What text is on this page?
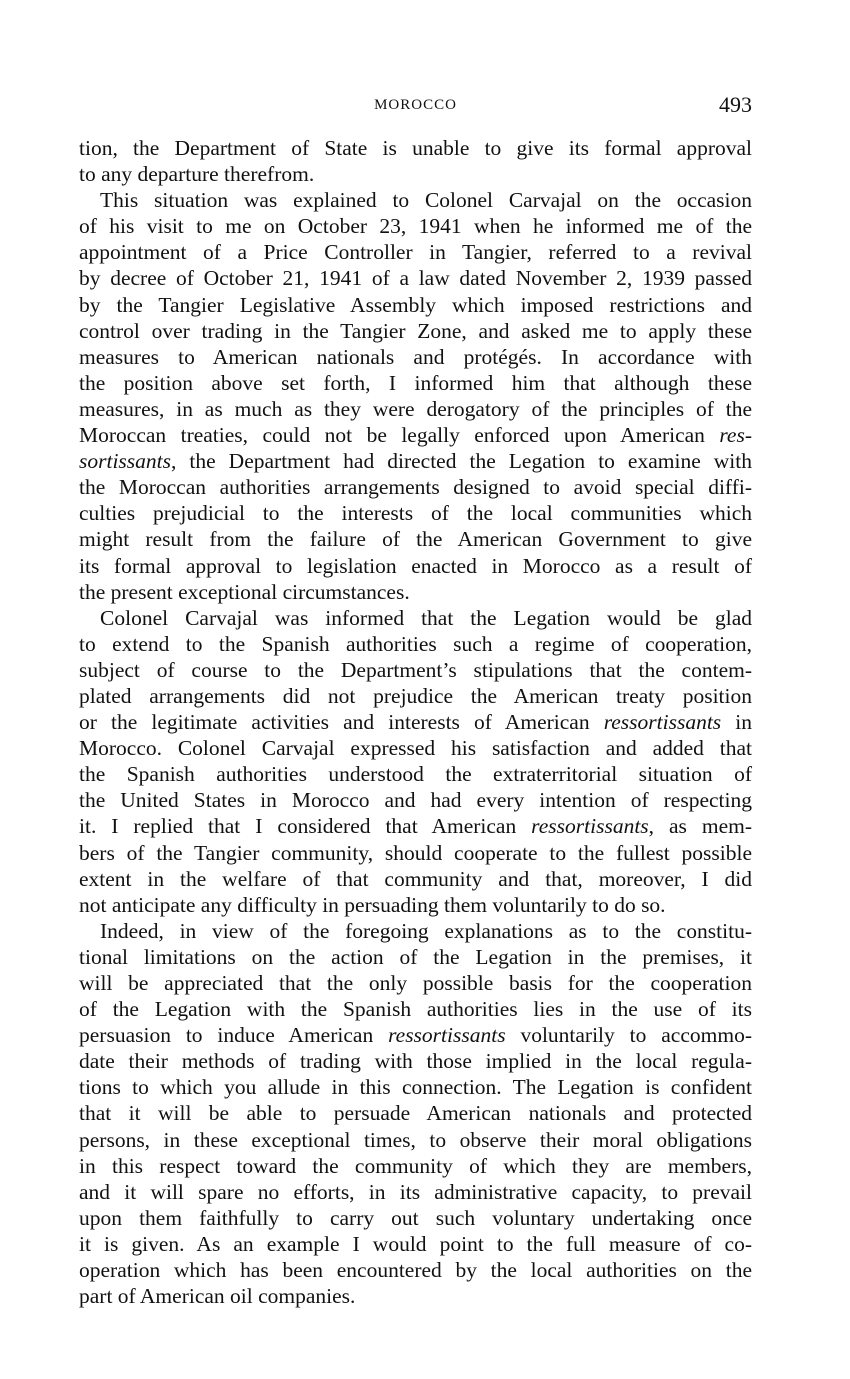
MOROCCO	493
tion, the Department of State is unable to give its formal approval
to any departure therefrom.
This situation was explained to Colonel Carvajal on the occasion
of his visit to me on October 23, 1941 when he informed me of the
appointment of a Price Controller in Tangier, referred to a revival
by decree of October 21, 1941 of a law dated November 2, 1939 passed
by the Tangier Legislative Assembly which imposed restrictions and
control over trading in the Tangier Zone, and asked me to apply these
measures to American nationals and protégés. In accordance with
the position above set forth, I informed him that although these
measures, in as much as they were derogatory of the principles of the
Moroccan treaties, could not be legally enforced upon American res-
sortissants, the Department had directed the Legation to examine with
the Moroccan authorities arrangements designed to avoid special diffi-
culties prejudicial to the interests of the local communities which
might result from the failure of the American Government to give
its formal approval to legislation enacted in Morocco as a result of
the present exceptional circumstances.
Colonel Carvajal was informed that the Legation would be glad
to extend to the Spanish authorities such a regime of cooperation,
subject of course to the Department’s stipulations that the contem-
plated arrangements did not prejudice the American treaty position
or the legitimate activities and interests of American ressortissants in
Morocco. Colonel Carvajal expressed his satisfaction and added that
the Spanish authorities understood the extraterritorial situation of
the United States in Morocco and had every intention of respecting
it. I replied that I considered that American ressortissants, as mem-
bers of the Tangier community, should cooperate to the fullest possible
extent in the welfare of that community and that, moreover, I did
not anticipate any difficulty in persuading them voluntarily to do so.
Indeed, in view of the foregoing explanations as to the constitu-
tional limitations on the action of the Legation in the premises, it
will be appreciated that the only possible basis for the cooperation
of the Legation with the Spanish authorities lies in the use of its
persuasion to induce American ressortissants voluntarily to accommo-
date their methods of trading with those implied in the local regula-
tions to which you allude in this connection. The Legation is confident
that it will be able to persuade American nationals and protected
persons, in these exceptional times, to observe their moral obligations
in this respect toward the community of which they are members,
and it will spare no efforts, in its administrative capacity, to prevail
upon them faithfully to carry out such voluntary undertaking once
it is given. As an example I would point to the full measure of co-
operation which has been encountered by the local authorities on the
part of American oil companies.
